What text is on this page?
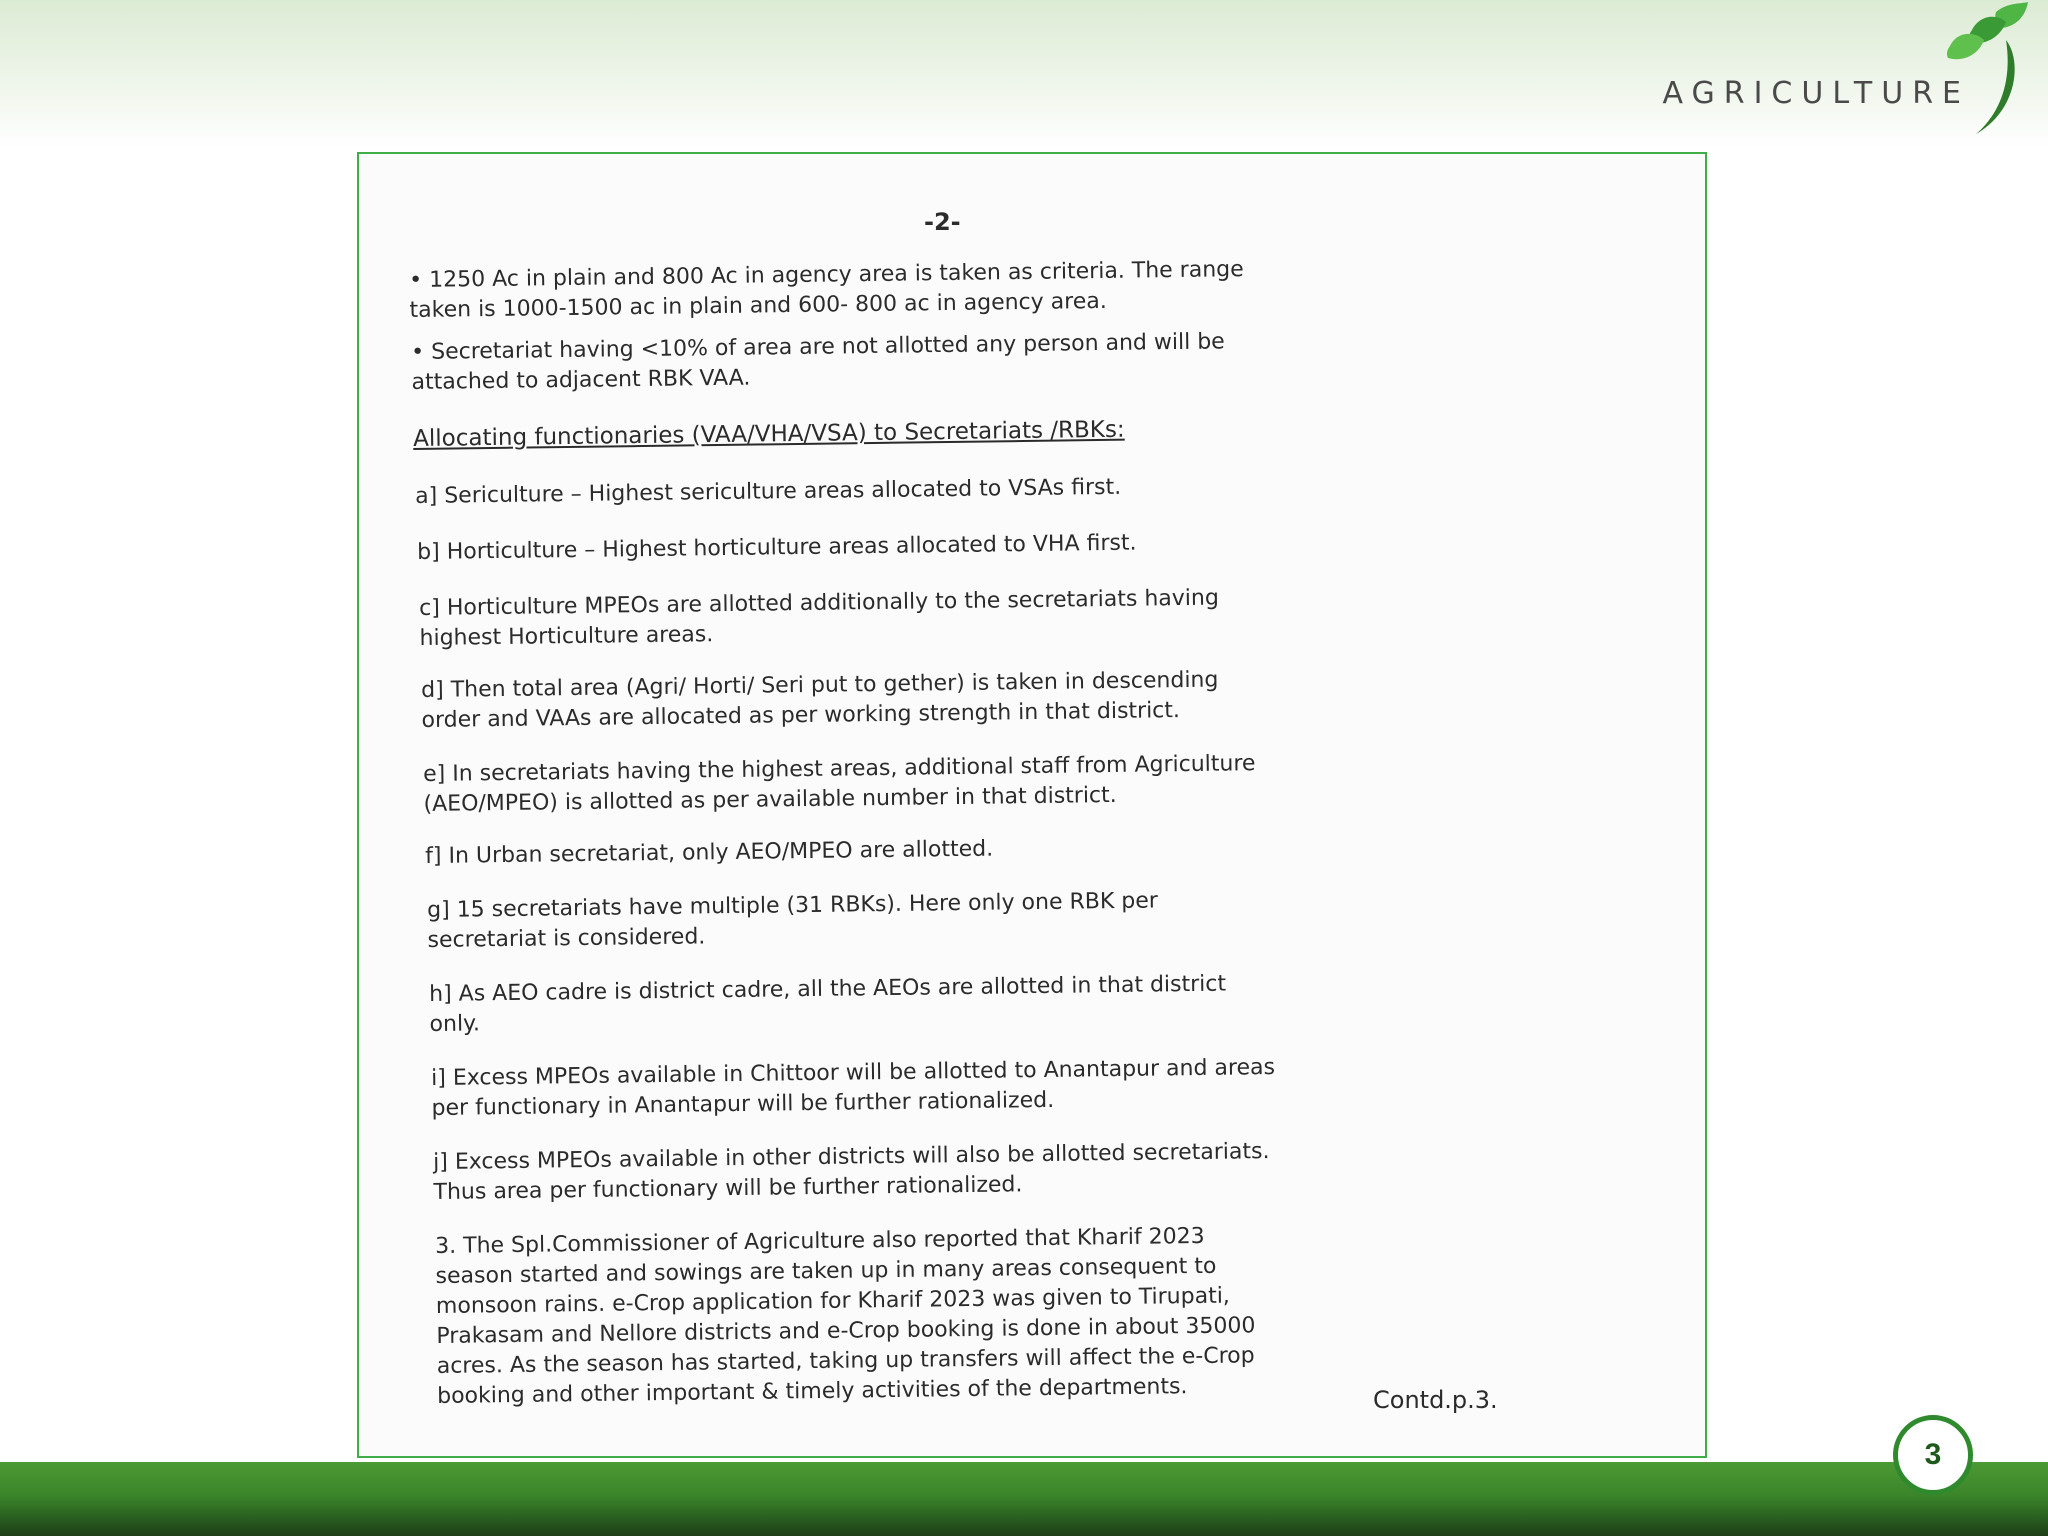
AGRICULTURE
-2-
• 1250 Ac in plain and 800 Ac in agency area is taken as criteria. The range
taken is 1000-1500 ac in plain and 600- 800 ac in agency area.
• Secretariat having <10% of area are not allotted any person and will be
attached to adjacent RBK VAA.
Allocating functionaries (VAA/VHA/VSA) to Secretariats /RBKs:
a] Sericulture – Highest sericulture areas allocated to VSAs first.
b] Horticulture – Highest horticulture areas allocated to VHA first.
c] Horticulture MPEOs are allotted additionally to the secretariats having
highest Horticulture areas.
d] Then total area (Agri/ Horti/ Seri put to gether) is taken in descending
order and VAAs are allocated as per working strength in that district.
e] In secretariats having the highest areas, additional staff from Agriculture
(AEO/MPEO) is allotted as per available number in that district.
f] In Urban secretariat, only AEO/MPEO are allotted.
g] 15 secretariats have multiple (31 RBKs). Here only one RBK per
secretariat is considered.
h] As AEO cadre is district cadre, all the AEOs are allotted in that district
only.
i] Excess MPEOs available in Chittoor will be allotted to Anantapur and areas
per functionary in Anantapur will be further rationalized.
j] Excess MPEOs available in other districts will also be allotted secretariats.
Thus area per functionary will be further rationalized.
3. The Spl.Commissioner of Agriculture also reported that Kharif 2023
season started and sowings are taken up in many areas consequent to
monsoon rains. e-Crop application for Kharif 2023 was given to Tirupati,
Prakasam and Nellore districts and e-Crop booking is done in about 35000
acres. As the season has started, taking up transfers will affect the e-Crop
booking and other important & timely activities of the departments.	Contd.p.3.
3
